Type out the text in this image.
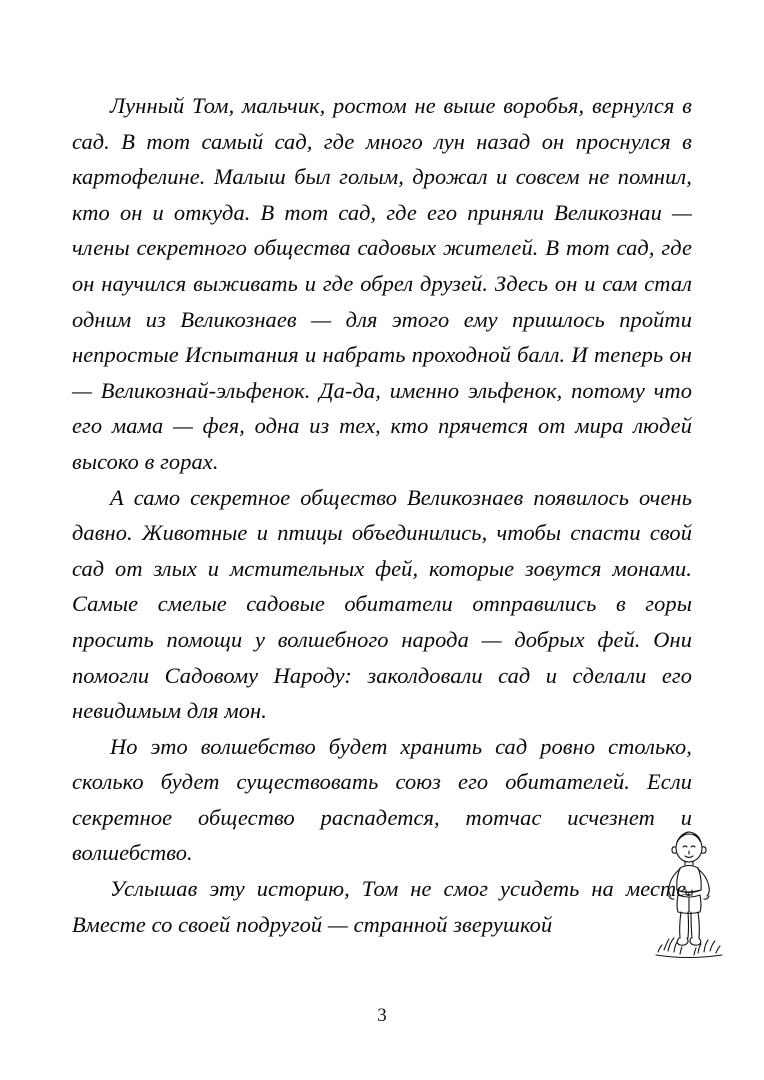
Лунный Том, мальчик, ростом не выше воробья, вернулся в сад. В тот самый сад, где много лун назад он проснулся в картофелине. Малыш был голым, дрожал и совсем не помнил, кто он и откуда. В тот сад, где его приняли Великознаи — члены секретного общества садовых жителей. В тот сад, где он научился выживать и где обрел друзей. Здесь он и сам стал одним из Великознаев — для этого ему пришлось пройти непростые Испытания и набрать проходной балл. И теперь он — Великознай-эльфенок. Да-да, именно эльфенок, потому что его мама — фея, одна из тех, кто прячется от мира людей высоко в горах.

А само секретное общество Великознаев появилось очень давно. Животные и птицы объединились, чтобы спасти свой сад от злых и мстительных фей, которые зовутся монами. Самые смелые садовые обитатели отправились в горы просить помощи у волшебного народа — добрых фей. Они помогли Садовому Народу: заколдовали сад и сделали его невидимым для мон.

Но это волшебство будет хранить сад ровно столько, сколько будет существовать союз его обитателей. Если секретное общество распадется, тотчас исчезнет и волшебство.

Услышав эту историю, Том не смог усидеть на месте. Вместе со своей подругой — странной зверушкой

3
